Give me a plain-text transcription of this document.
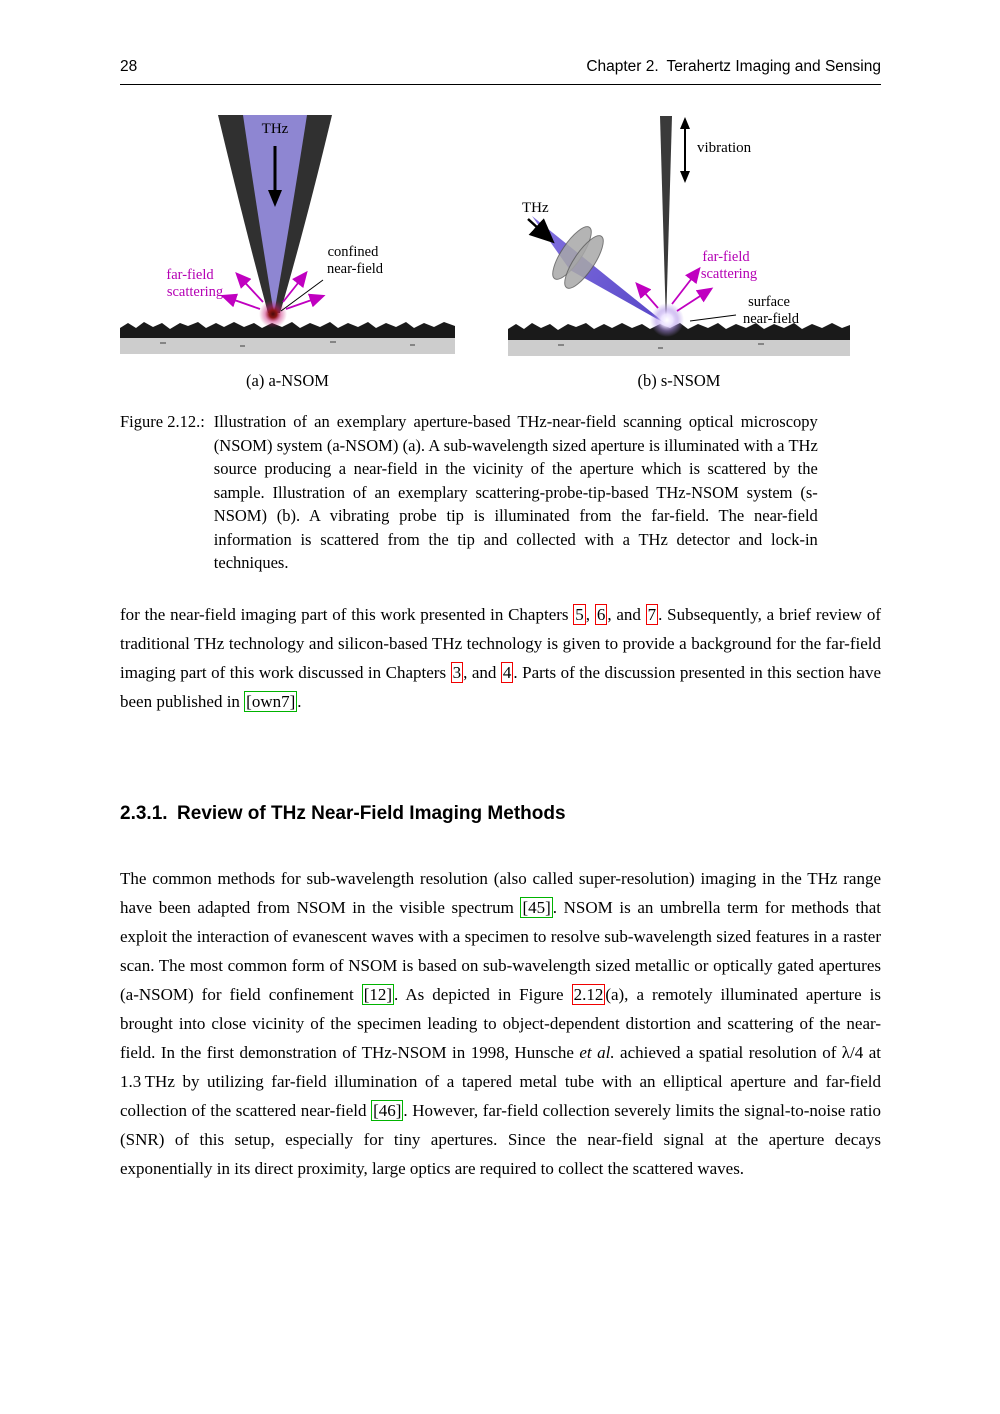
28	Chapter 2. Terahertz Imaging and Sensing
THz
far-field
scattering
confined
near-field
vibration
THz
far-field
scattering
surface
near-field
(a) a-NSOM	(b) s-NSOM
Figure 2.12.: Illustration of an exemplary aperture-based THz-near-field scanning optical microscopy (NSOM) system (a-NSOM) (a). A sub-wavelength sized aperture is illuminated with a THz source producing a near-field in the vicinity of the aperture which is scattered by the sample. Illustration of an exemplary scattering-probe-tip-based THz-NSOM system (s-NSOM) (b). A vibrating probe tip is illuminated from the far-field. The near-field information is scattered from the tip and collected with a THz detector and lock-in techniques.

for the near-field imaging part of this work presented in Chapters 5 , 6 , and 7 . Subsequently, a brief review of traditional THz technology and silicon-based THz technology is given to provide a background for the far-field imaging part of this work discussed in Chapters 3 , and 4 . Parts of the discussion presented in this section have been published in [own7] .

2.3.1. Review of THz Near-Field Imaging Methods

The common methods for sub-wavelength resolution (also called super-resolution) imaging in the THz range have been adapted from NSOM in the visible spectrum [45] . NSOM is an umbrella term for methods that exploit the interaction of evanescent waves with a specimen to resolve sub-wavelength sized features in a raster scan. The most common form of NSOM is based on sub-wavelength sized metallic or optically gated apertures (a-NSOM) for field confinement [12] . As depicted in Figure 2.12 (a), a remotely illuminated aperture is brought into close vicinity of the specimen leading to object-dependent distortion and scattering of the near-field. In the first demonstration of THz-NSOM in 1998, Hunsche et al. achieved a spatial resolution of λ/4 at 1.3 THz by utilizing far-field illumination of a tapered metal tube with an elliptical aperture and far-field collection of the scattered near-field [46] . However, far-field collection severely limits the signal-to-noise ratio (SNR) of this setup, especially for tiny apertures. Since the near-field signal at the aperture decays exponentially in its direct proximity, large optics are required to collect the scattered waves.
